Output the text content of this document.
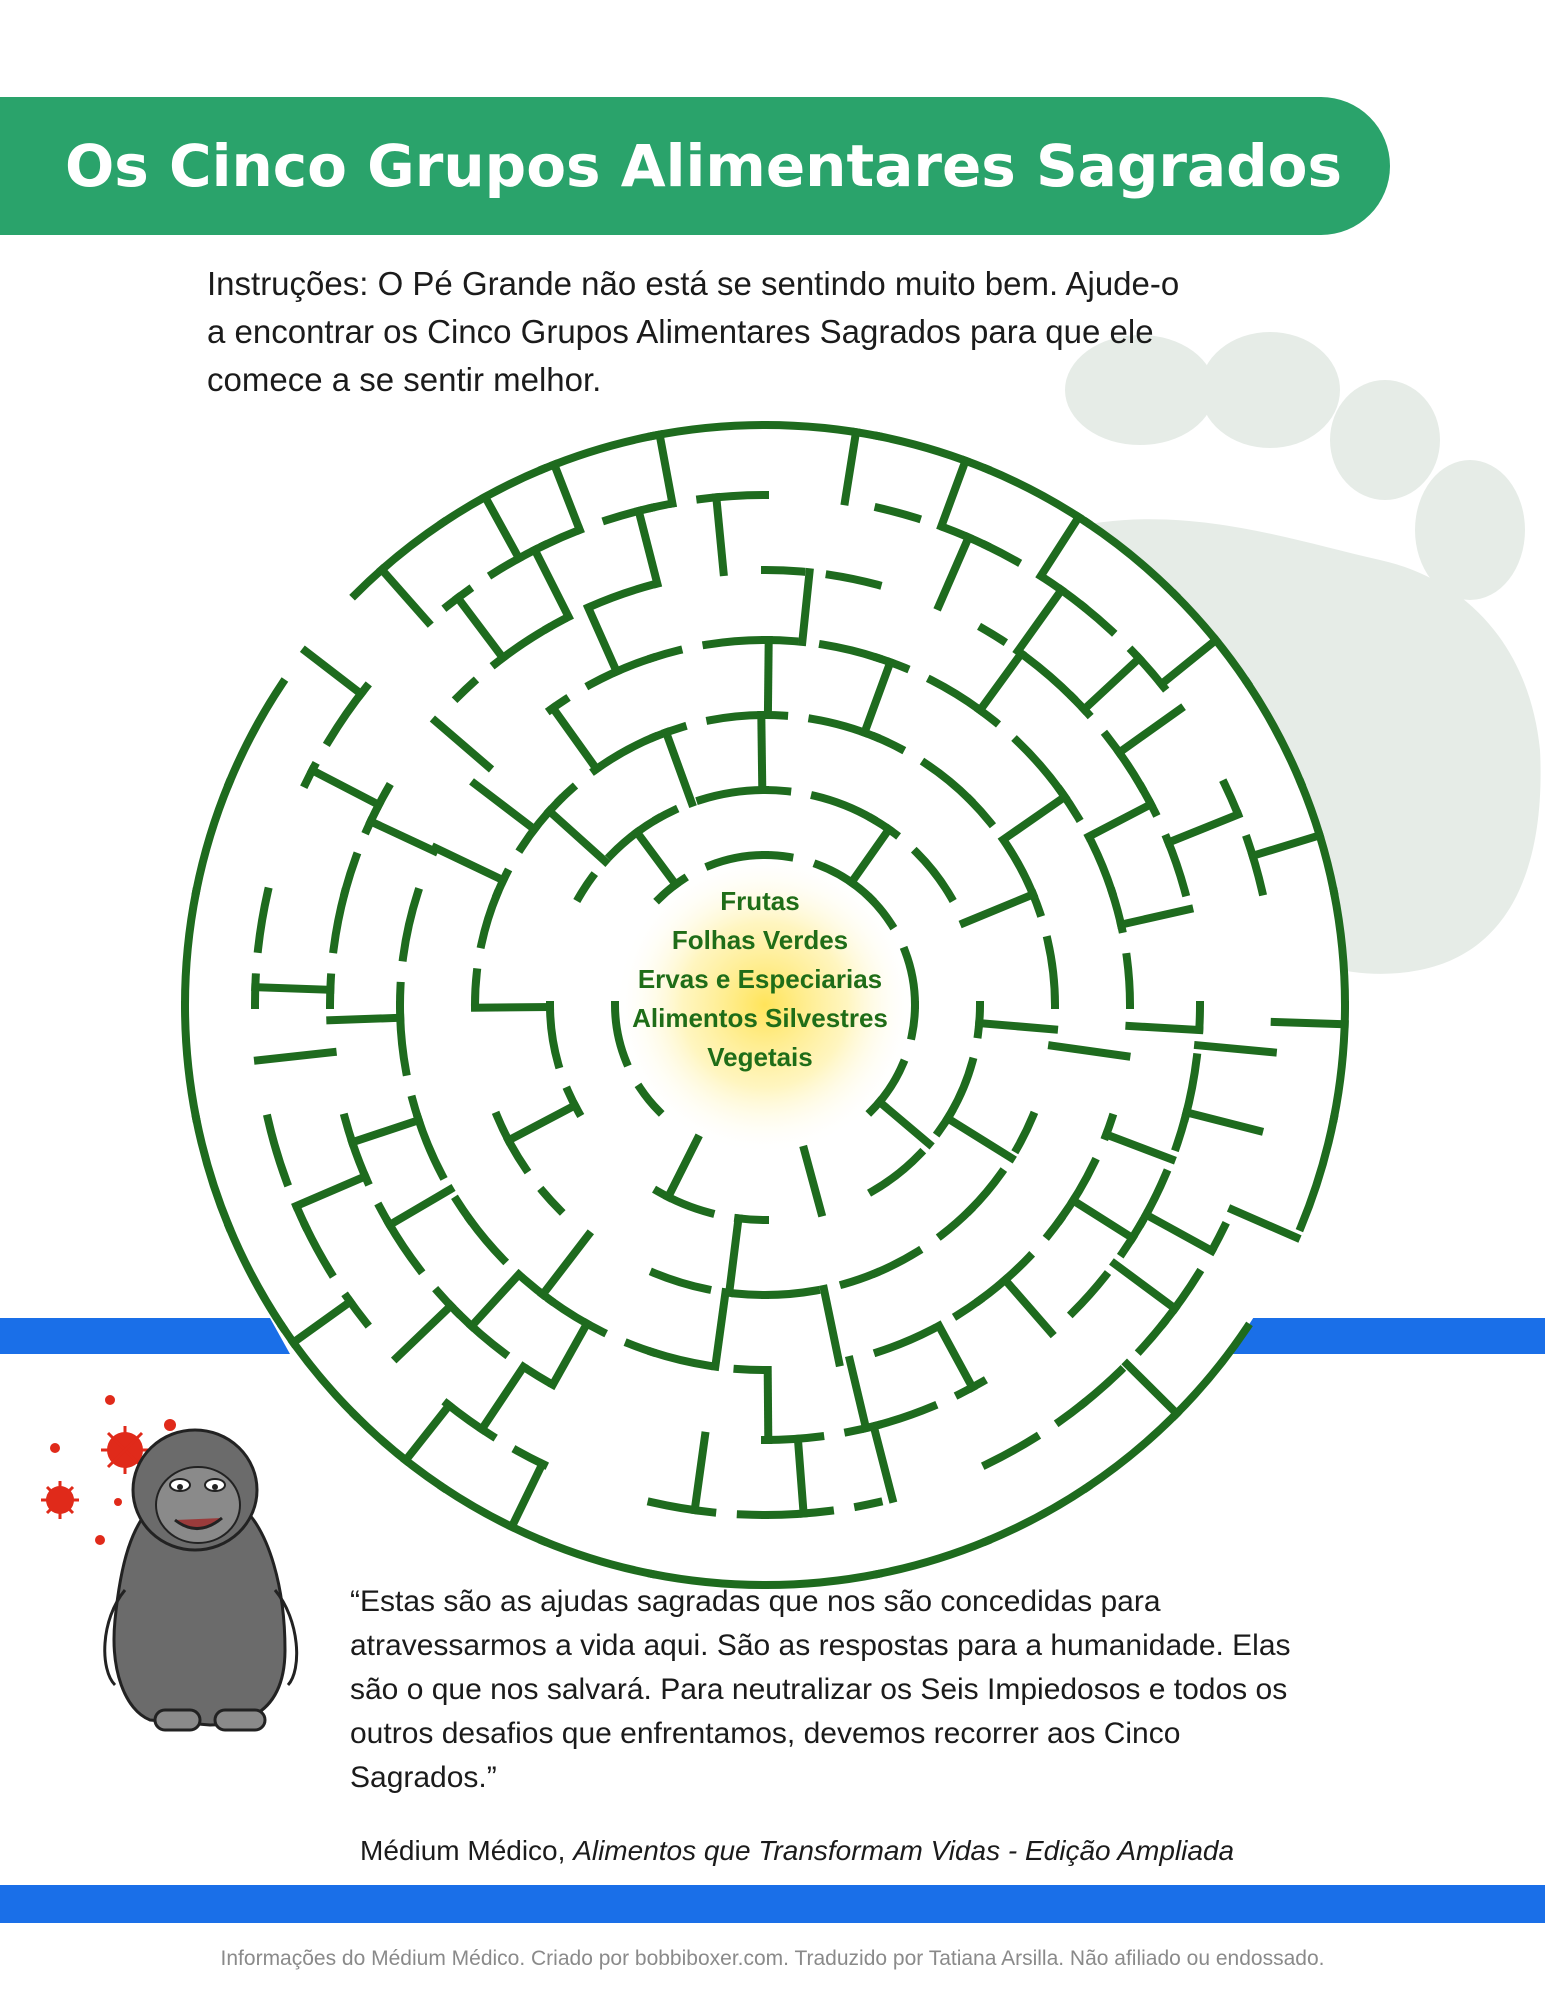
Os Cinco Grupos Alimentares Sagrados
Instruções: O Pé Grande não está se sentindo muito bem. Ajude-o
a encontrar os Cinco Grupos Alimentares Sagrados para que ele
comece a se sentir melhor.
Frutas
Folhas Verdes
Ervas e Especiarias
Alimentos Silvestres
Vegetais
“Estas são as ajudas sagradas que nos são concedidas para
atravessarmos a vida aqui. São as respostas para a humanidade. Elas
são o que nos salvará. Para neutralizar os Seis Impiedosos e todos os
outros desafios que enfrentamos, devemos recorrer aos Cinco
Sagrados.”
Médium Médico, Alimentos que Transformam Vidas - Edição Ampliada
Informações do Médium Médico. Criado por bobbiboxer.com. Traduzido por Tatiana Arsilla. Não afiliado ou endossado.
